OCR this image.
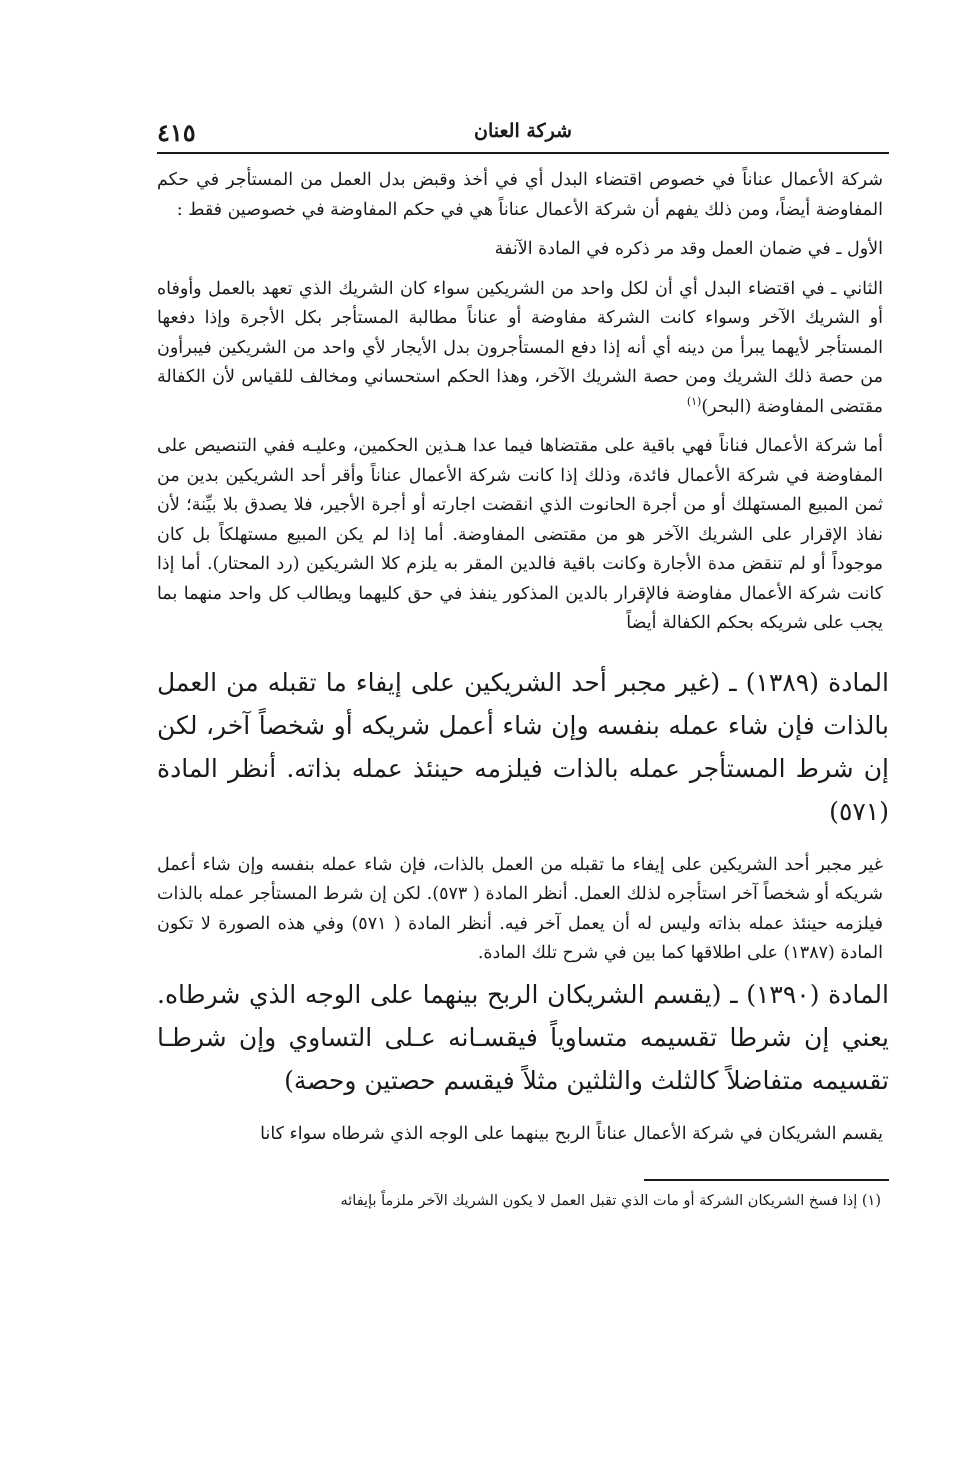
شركة العنان
٤١٥

شركة الأعمال عناناً في خصوص اقتضاء البدل أي في أخذ وقبض بدل العمل من المستأجر في حكم المفاوضة أيضاً، ومن ذلك يفهم أن شركة الأعمال عناناً هي في حكم المفاوضة في خصوصين فقط :

الأول ـ في ضمان العمل وقد مر ذكره في المادة الآنفة

الثاني ـ في اقتضاء البدل أي أن لكل واحد من الشريكين سواء كان الشريك الذي تعهد بالعمل وأوفاه أو الشريك الآخر وسواء كانت الشركة مفاوضة أو عناناً مطالبة المستأجر بكل الأجرة وإذا دفعها المستأجر لأيهما يبرأ من دينه أي أنه إذا دفع المستأجرون بدل الأيجار لأي واحد من الشريكين فيبرأون من حصة ذلك الشريك ومن حصة الشريك الآخر، وهذا الحكم استحساني ومخالف للقياس لأن الكفالة مقتضى المفاوضة (البحر)$^{(١)}$

أما شركة الأعمال فناناً فهي باقية على مقتضاها فيما عدا هـذين الحكمين، وعليـه ففي التنصيص على المفاوضة في شركة الأعمال فائدة، وذلك إذا كانت شركة الأعمال عناناً وأقر أحد الشريكين بدين من ثمن المبيع المستهلك أو من أجرة الحانوت الذي انقضت اجارته أو أجرة الأجير، فلا يصدق بلا بيِّنة؛ لأن نفاذ الإقرار على الشريك الآخر هو من مقتضى المفاوضة. أما إذا لم يكن المبيع مستهلكاً بل كان موجوداً أو لم تنقض مدة الأجارة وكانت باقية فالدين المقر به يلزم كلا الشريكين (رد المحتار). أما إذا كانت شركة الأعمال مفاوضة فالإقرار بالدين المذكور ينفذ في حق كليهما ويطالب كل واحد منهما بما يجب على شريكه بحكم الكفالة أيضاً

المادة (١٣٨٩) ـ (غير مجبر أحد الشريكين على إيفاء ما تقبله من العمل بالذات فإن شاء عمله بنفسه وإن شاء أعمل شريكه أو شخصاً آخر، لكن إن شرط المستأجر عمله بالذات فيلزمه حينئذ عمله بذاته. أنظر المادة (٥٧١)

غير مجبر أحد الشريكين على إيفاء ما تقبله من العمل بالذات، فإن شاء عمله بنفسه وإن شاء أعمل شريكه أو شخصاً آخر استأجره لذلك العمل. أنظر المادة ( ٥٧٣). لكن إن شرط المستأجر عمله بالذات فيلزمه حينئذ عمله بذاته وليس له أن يعمل آخر فيه. أنظر المادة ( ٥٧١) وفي هذه الصورة لا تكون المادة (١٣٨٧) على اطلاقها كما بين في شرح تلك المادة.

المادة (١٣٩٠) ـ (يقسم الشريكان الربح بينهما على الوجه الذي شرطاه. يعني إن شرطا تقسيمه متساوياً فيقسـانه عـلى التساوي وإن شرطـا تقسيمه متفاضلاً كالثلث والثلثين مثلاً فيقسم حصتين وحصة)

يقسم الشريكان في شركة الأعمال عناناً الربح بينهما على الوجه الذي شرطاه سواء كانا

(١) إذا فسخ الشريكان الشركة أو مات الذي تقبل العمل لا يكون الشريك الآخر ملزماً بإيفائه
